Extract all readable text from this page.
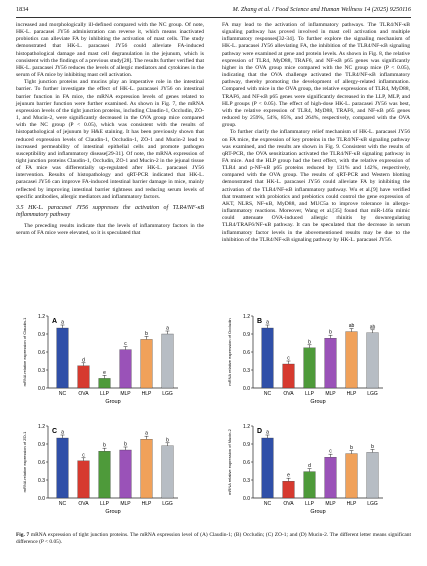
1834	M. Zhang et al. / Food Science and Human Wellness 14 (2025) 9250116

increased and morphologically ill-defined compared with the NC group. Of note, HK-L. paracasei JY56 administration can reverse it, which means inactivated probiotics can alleviate FA by inhibiting the activation of mast cells. The study demonstrated that HK-L. paracasei JY56 could alleviate FA-induced histopathological damage and mast cell degranulation in the jejunum, which is consistent with the findings of a previous study[28]. The results further verified that HK-L. paracasei JY56 reduces the levels of allergic mediators and cytokines in the serum of FA mice by inhibiting mast cell activation.

Tight junction proteins and mucins play an imperative role in the intestinal barrier. To further investigate the effect of HK-L. paracasei JY56 on intestinal barrier function in FA mice, the mRNA expression levels of genes related to jejunum barrier function were further examined. As shown in Fig. 7, the mRNA expression levels of the tight junction proteins, including Claudin-1, Occludin, ZO-1, and Mucin-2, were significantly decreased in the OVA group mice compared with the NC group (P < 0.05), which was consistent with the results of histopathological of jejunum by H&E staining. It has been previously shown that reduced expression levels of Claudin-1, Occludin-1, ZO-1 and Mucin-2 lead to increased permeability of intestinal epithelial cells and promote pathogen susceptibility and inflammatory disease[29-31]. Of note, the mRNA expression of tight junction proteins Claudin-1, Occludin, ZO-1 and Mucin-2 in the jejunal tissue of FA mice was differentially up-regulated after HK-L. paracasei JY56 intervention. Results of histopathology and qRT-PCR indicated that HK-L. paracasei JY56 can improve FA-induced intestinal barrier damage in mice, mainly reflected by improving intestinal barrier tightness and reducing serum levels of specific antibodies, allergic mediators and inflammatory factors.

3.5 HK-L. paracasei JY56 suppresses the activation of TLR4/NF-κB inflammatory pathway

The preceding results indicate that the levels of inflammatory factors in the serum of FA mice were elevated, so it is speculated that

FA may lead to the activation of inflammatory pathways. The TLR4/NF-κB signaling pathway has proved involved in mast cell activation and multiple inflammatory responses[32-34]. To further explore the signaling mechanism of HK-L. paracasei JY56 alleviating FA, the inhibition of the TLR4/NF-κB signaling pathway were examined at gene and protein levels. As shown in Fig. 8, the relative expression of TLR4, MyD88, TRAF6, and NF-κB p65 genes was significantly higher in the OVA group mice compared with the NC group mice (P < 0.05), indicating that the OVA challenge activated the TLR4/NF-κB inflammatory pathway, thereby promoting the development of allergy-related inflammation. Compared with mice in the OVA group, the relative expressions of TLR4, MyD88, TRAF6, and NF-κB p65 genes were significantly decreased in the LLP, MLP, and HLP groups (P < 0.05). The effect of high-dose HK-L. paracasei JY56 was best, with the relative expression of TLR4, MyD88, TRAF6, and NF-κB p65 genes reduced by 259%, 54%, 85%, and 264%, respectively, compared with the OVA group.

To further clarify the inflammatory relief mechanism of HK-L. paracasei JY56 on FA mice, the expression of key proteins in the TLR4/NF-κB signaling pathway was examined, and the results are shown in Fig. 9. Consistent with the results of qRT-PCR, the OVA sensitization activated the TLR4/NF-κB signaling pathway in FA mice. And the HLP group had the best effect, with the relative expression of TLR4 and p-NF-κB p65 proteins reduced by 131% and 142%, respectively, compared with the OVA group. The results of qRT-PCR and Western blotting demonstrated that HK-L. paracasei JY56 could alleviate FA by inhibiting the activation of the TLR4/NF-κB inflammatory pathway. Wu et al.[9] have verified that treatment with probiotics and prebiotics could control the gene expression of AKT, NLRS, NF-κB, MyD88, and MUC5a to improve tolerance in allergo-inflammatory reactions. Moreover, Wang et al.[35] found that miR-146a mimic could attenuate OVA-induced allergic rhinitis by downregulating TLR4/TRAF6/NF-κB pathway. It can be speculated that the decrease in serum inflammatory factor levels in the abovementioned results may be due to the inhibition of the TLR4/NF-κB signaling pathway by HK-L. paracasei JY56.

A
0.0
0.3
0.6
0.9
1.2
mRNA relative expression of Claudin-1	a
NC
d
OVA
e
LLP
c
MLP
b
HLP
a
LGG
Group
B
0.0
0.3
0.6
0.9
1.2
mRNA relative expression of Occludin	a
NC
c
OVA
b
LLP
b
MLP
ab
HLP
ab
LGG
Group
C
0.0
0.3
0.6
0.9
1.2
mRNA relative expression of ZO-1	a
NC
c
OVA
b
LLP
b
MLP
a
HLP
b
LGG
Group
D
0.0
0.3
0.6
0.9
1.2
mRNA relative expression of Mucin-2	a
NC
e
OVA
d
LLP
c
MLP
b
HLP
b
LGG
Group
Fig. 7 mRNA expression of tight junction proteins. The mRNA expression level of (A) Claudin-1; (B) Occludin; (C) ZO-1; and (D) Mucin-2. The different letter means significant difference (P < 0.05).
